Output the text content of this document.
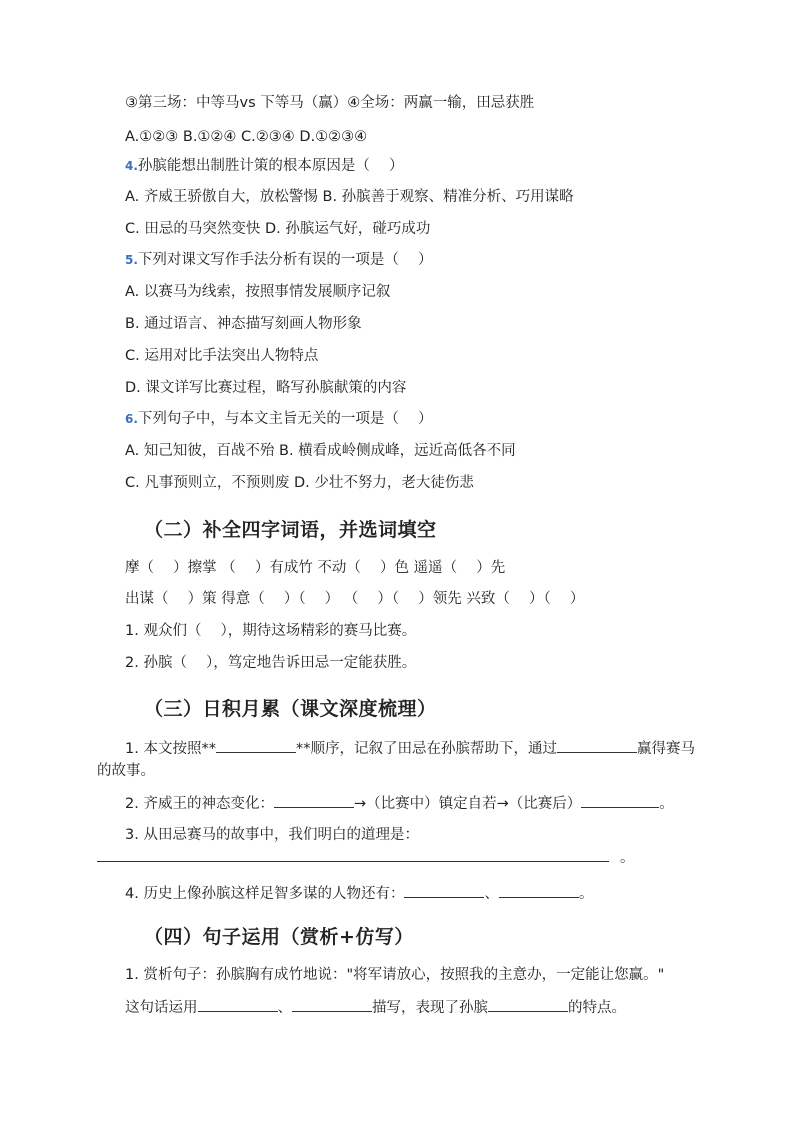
③第三场：中等马vs 下等马（赢）④全场：两赢一输，田忌获胜
A.①②③ B.①②④ C.②③④ D.①②③④
4.孙膑能想出制胜计策的根本原因是（　 ）
A. 齐威王骄傲自大，放松警惕 B. 孙膑善于观察、精准分析、巧用谋略
C. 田忌的马突然变快 D. 孙膑运气好，碰巧成功
5.下列对课文写作手法分析有误的一项是（　 ）
A. 以赛马为线索，按照事情发展顺序记叙
B. 通过语言、神态描写刻画人物形象
C. 运用对比手法突出人物特点
D. 课文详写比赛过程，略写孙膑献策的内容
6.下列句子中，与本文主旨无关的一项是（　 ）
A. 知己知彼，百战不殆 B. 横看成岭侧成峰，远近高低各不同
C. 凡事预则立，不预则废 D. 少壮不努力，老大徒伤悲
（二）补全四字词语，并选词填空
摩（　 ）擦掌 （　 ）有成竹 不动（　 ）色 遥遥（　 ）先
出谋（　 ）策 得意（　 ）（　 ） （　 ）（　 ）领先 兴致（　 ）（　 ）
1. 观众们（　 ），期待这场精彩的赛马比赛。
2. 孙膑（　 ），笃定地告诉田忌一定能获胜。
（三）日积月累（课文深度梳理）
1. 本文按照**	**顺序，记叙了田忌在孙膑帮助下，通过	赢得赛马
的故事。
2. 齐威王的神态变化：	→（比赛中）镇定自若→（比赛后）	。
3. 从田忌赛马的故事中，我们明白的道理是：
。
4. 历史上像孙膑这样足智多谋的人物还有：	、	。
（四）句子运用（赏析+仿写）
1. 赏析句子：孙膑胸有成竹地说："将军请放心，按照我的主意办，一定能让您赢。"
这句话运用	、	描写，表现了孙膑	的特点。
